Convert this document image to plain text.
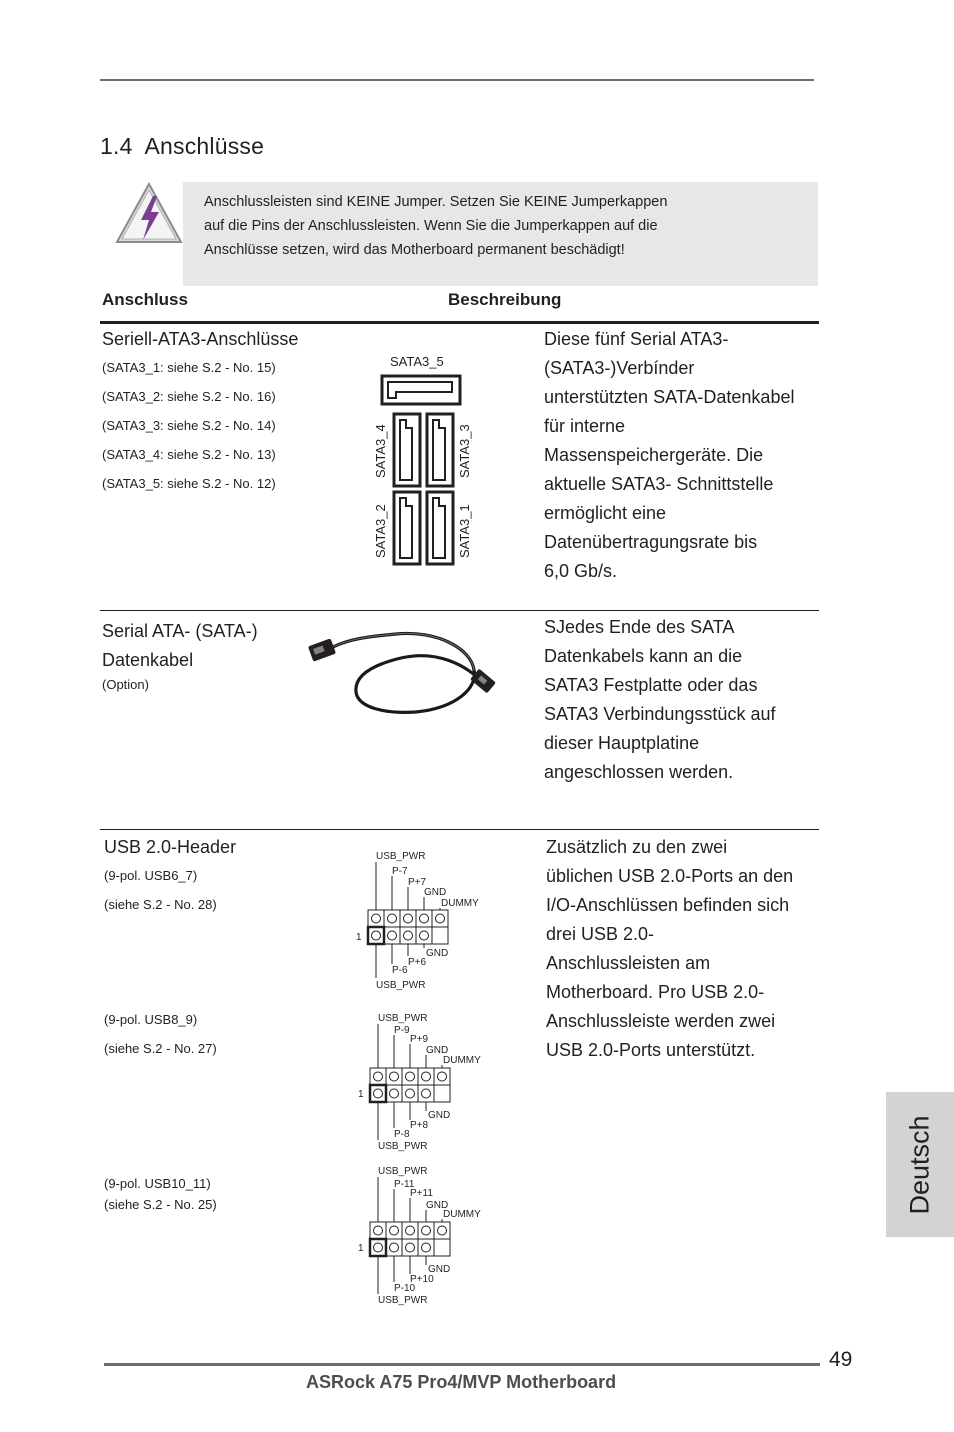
1.4 Anschlüsse
Anschlussleisten sind KEINE Jumper. Setzen Sie KEINE Jumperkappen
auf die Pins der Anschlussleisten. Wenn Sie die Jumperkappen auf die
Anschlüsse setzen, wird das Motherboard permanent beschädigt!
Anschluss	Beschreibung
Seriell-ATA3-Anschlüsse
(SATA3_1: siehe S.2 - No. 15)
(SATA3_2: siehe S.2 - No. 16)
(SATA3_3: siehe S.2 - No. 14)
(SATA3_4: siehe S.2 - No. 13)
(SATA3_5: siehe S.2 - No. 12)
SATA3_5
SATA3_4	SATA3_3
SATA3_2	SATA3_1
Diese fünf Serial ATA3-
(SATA3-)Verbínder
unterstützten SATA-Datenkabel
für interne
Massenspeichergeräte. Die
aktuelle SATA3- Schnittstelle
ermöglicht eine
Datenübertragungsrate bis
6,0 Gb/s.
Serial ATA- (SATA-)
Datenkabel
(Option)
SJedes Ende des SATA
Datenkabels kann an die
SATA3 Festplatte oder das
SATA3 Verbindungsstück auf
dieser Hauptplatine
angeschlossen werden.
USB 2.0-Header
(9-pol. USB6_7)
(siehe S.2 - No. 28)
(9-pol. USB8_9)
(siehe S.2 - No. 27)
(9-pol. USB10_11)
(siehe S.2 - No. 25)
USB_PWR
P-7
P+7
GND
DUMMY
1
GND
P+6
P-6
USB_PWR
USB_PWR
P-9
P+9
GND
DUMMY
1
GND
P+8
P-8
USB_PWR
USB_PWR
P-11
P+11
GND
DUMMY
1
GND
P+10
P-10
USB_PWR
Zusätzlich zu den zwei
üblichen USB 2.0-Ports an den
I/O-Anschlüssen befinden sich
drei USB 2.0-
Anschlussleisten am
Motherboard. Pro USB 2.0-
Anschlussleiste werden zwei
USB 2.0-Ports unterstützt.
Deutsch
49
ASRock A75 Pro4/MVP Motherboard
